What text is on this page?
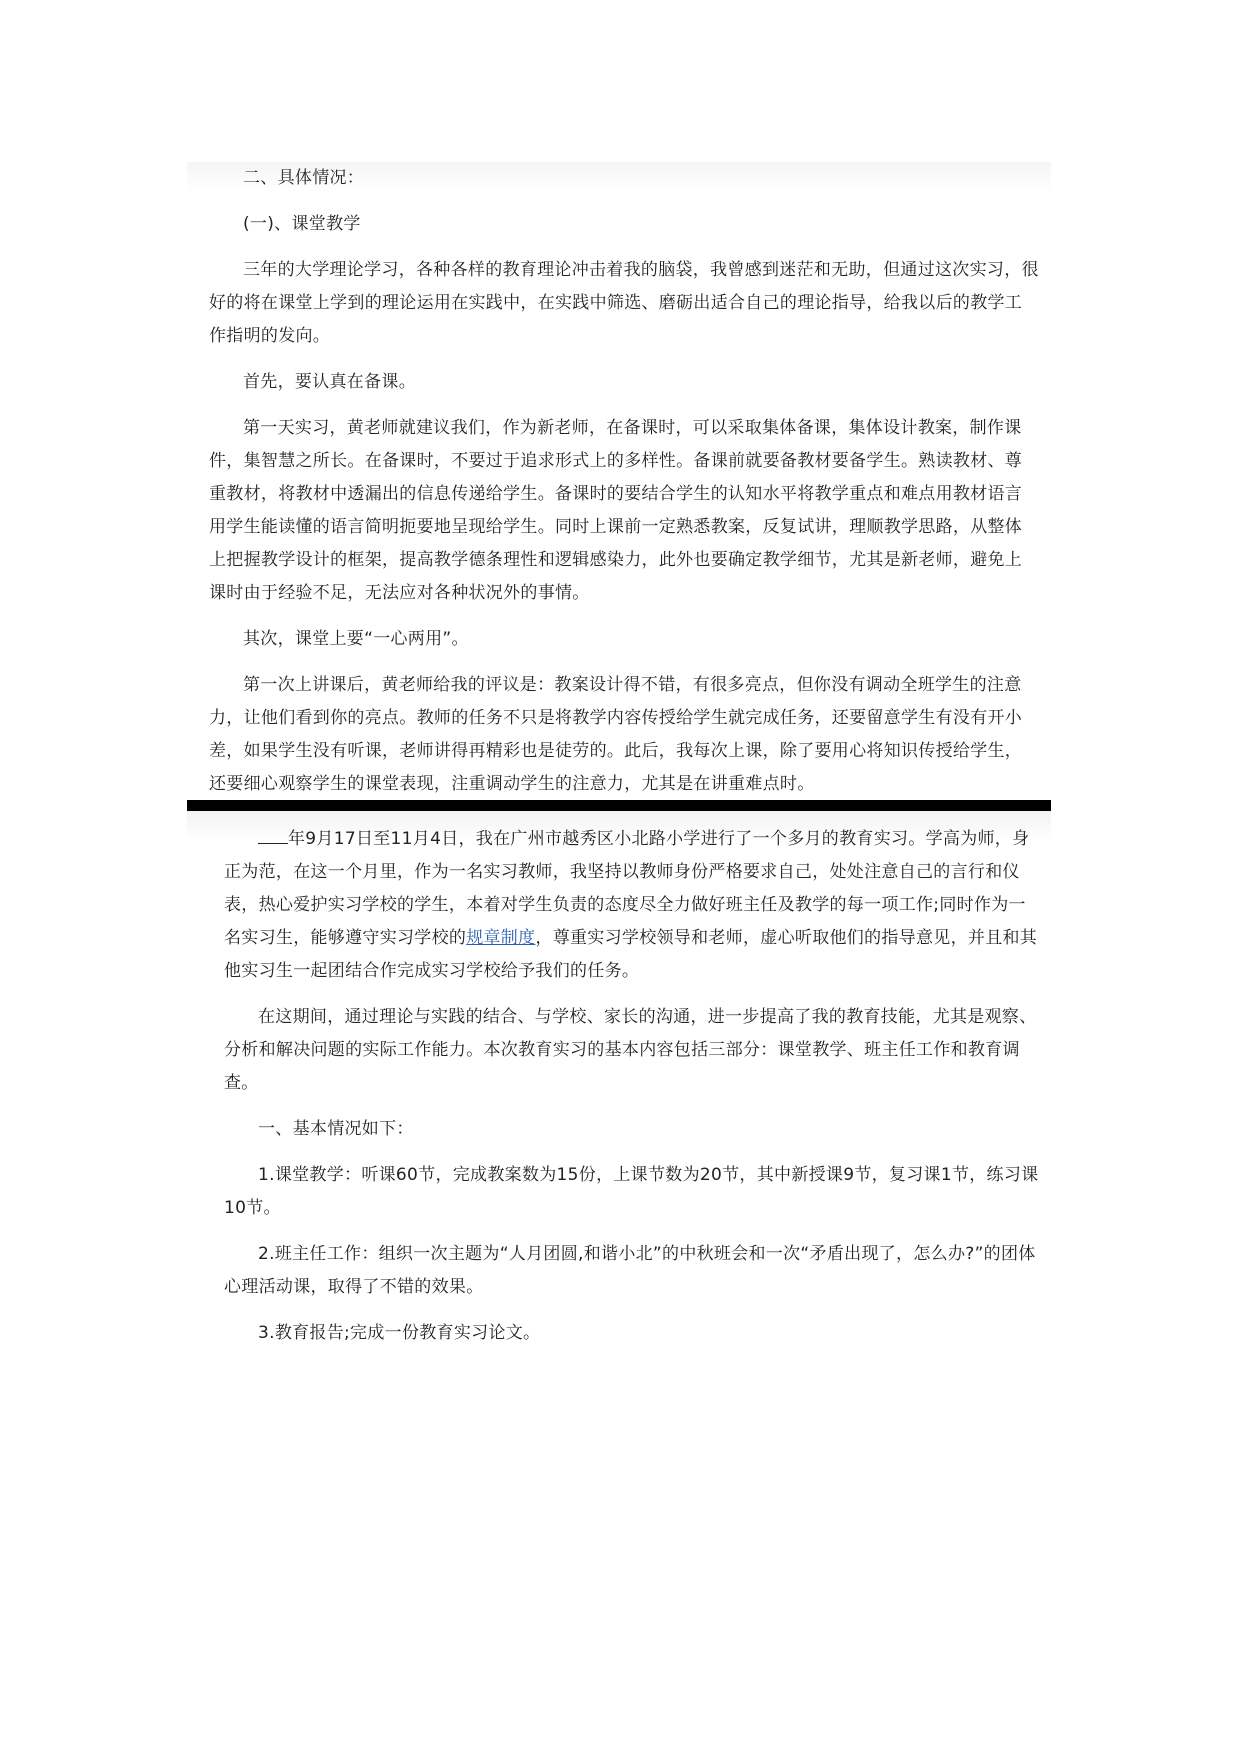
二、具体情况：

(一)、课堂教学

三年的大学理论学习，各种各样的教育理论冲击着我的脑袋，我曾感到迷茫和无助，但通过这次实习，很好的将在课堂上学到的理论运用在实践中，在实践中筛选、磨砺出适合自己的理论指导，给我以后的教学工作指明的发向。

首先，要认真在备课。

第一天实习，黄老师就建议我们，作为新老师，在备课时，可以采取集体备课，集体设计教案，制作课件，集智慧之所长。在备课时，不要过于追求形式上的多样性。备课前就要备教材要备学生。熟读教材、尊重教材，将教材中透漏出的信息传递给学生。备课时的要结合学生的认知水平将教学重点和难点用教材语言用学生能读懂的语言简明扼要地呈现给学生。同时上课前一定熟悉教案，反复试讲，理顺教学思路，从整体上把握教学设计的框架，提高教学德条理性和逻辑感染力，此外也要确定教学细节，尤其是新老师，避免上课时由于经验不足，无法应对各种状况外的事情。

其次，课堂上要“一心两用”。

第一次上讲课后，黄老师给我的评议是：教案设计得不错，有很多亮点，但你没有调动全班学生的注意力，让他们看到你的亮点。教师的任务不只是将教学内容传授给学生就完成任务，还要留意学生有没有开小差，如果学生没有听课，老师讲得再精彩也是徒劳的。此后，我每次上课，除了要用心将知识传授给学生，还要细心观察学生的课堂表现，注重调动学生的注意力，尤其是在讲重难点时。

年9月17日至11月4日，我在广州市越秀区小北路小学进行了一个多月的教育实习。学高为师，身正为范，在这一个月里，作为一名实习教师，我坚持以教师身份严格要求自己，处处注意自己的言行和仪表，热心爱护实习学校的学生，本着对学生负责的态度尽全力做好班主任及教学的每一项工作;同时作为一名实习生，能够遵守实习学校的规章制度，尊重实习学校领导和老师，虚心听取他们的指导意见，并且和其他实习生一起团结合作完成实习学校给予我们的任务。

在这期间，通过理论与实践的结合、与学校、家长的沟通，进一步提高了我的教育技能，尤其是观察、分析和解决问题的实际工作能力。本次教育实习的基本内容包括三部分：课堂教学、班主任工作和教育调查。

一、基本情况如下：

1.课堂教学：听课60节，完成教案数为15份，上课节数为20节，其中新授课9节，复习课1节，练习课10节。

2.班主任工作：组织一次主题为“人月团圆,和谐小北”的中秋班会和一次“矛盾出现了，怎么办?”的团体心理活动课，取得了不错的效果。

3.教育报告;完成一份教育实习论文。
